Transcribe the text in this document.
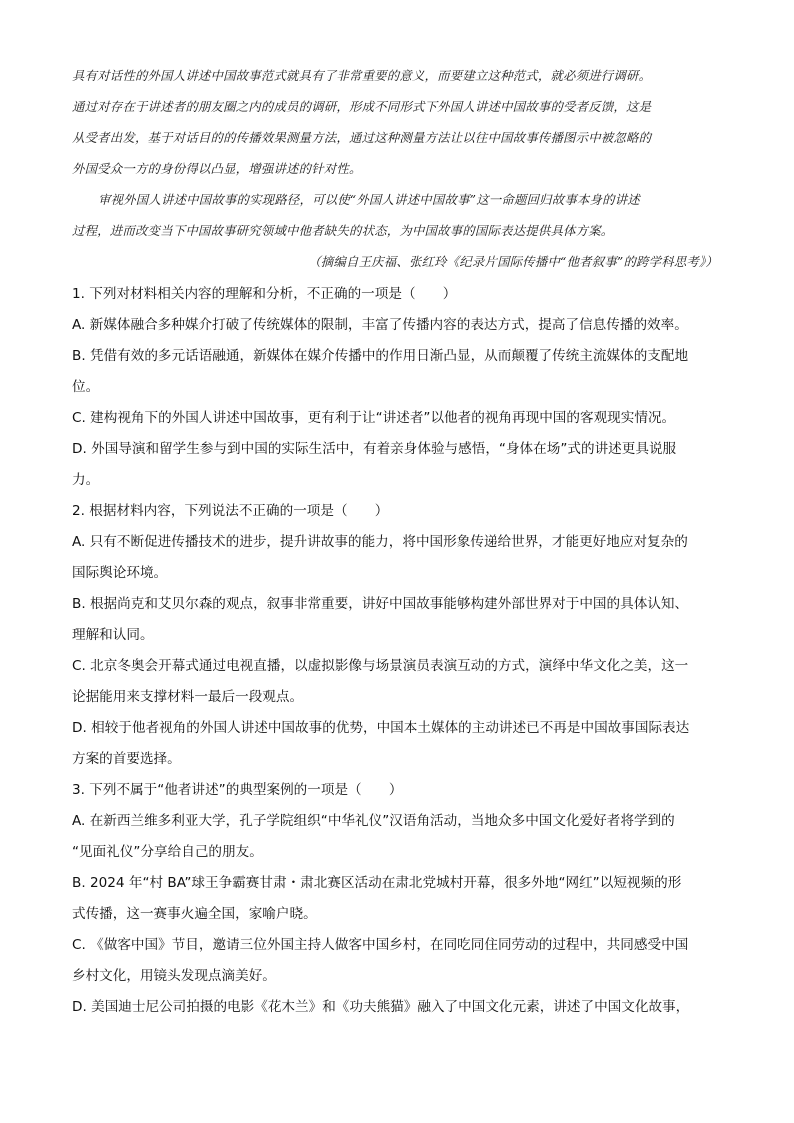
具有对话性的外国人讲述中国故事范式就具有了非常重要的意义，而要建立这种范式，就必须进行调研。
通过对存在于讲述者的朋友圈之内的成员的调研，形成不同形式下外国人讲述中国故事的受者反馈，这是
从受者出发，基于对话目的的传播效果测量方法，通过这种测量方法让以往中国故事传播图示中被忽略的
外国受众一方的身份得以凸显，增强讲述的针对性。
审视外国人讲述中国故事的实现路径，可以使“外国人讲述中国故事”这一命题回归故事本身的讲述
过程，进而改变当下中国故事研究领域中他者缺失的状态，为中国故事的国际表达提供具体方案。
（摘编自王庆福、张红玲《纪录片国际传播中“他者叙事”的跨学科思考》）
1. 下列对材料相关内容的理解和分析，不正确的一项是（　　）
A. 新媒体融合多种媒介打破了传统媒体的限制，丰富了传播内容的表达方式，提高了信息传播的效率。
B. 凭借有效的多元话语融通，新媒体在媒介传播中的作用日渐凸显，从而颠覆了传统主流媒体的支配地
位。
C. 建构视角下的外国人讲述中国故事，更有利于让“讲述者”以他者的视角再现中国的客观现实情况。
D. 外国导演和留学生参与到中国的实际生活中，有着亲身体验与感悟，“身体在场”式的讲述更具说服
力。
2. 根据材料内容，下列说法不正确的一项是（　　）
A. 只有不断促进传播技术的进步，提升讲故事的能力，将中国形象传递给世界，才能更好地应对复杂的
国际舆论环境。
B. 根据尚克和艾贝尔森的观点，叙事非常重要，讲好中国故事能够构建外部世界对于中国的具体认知、
理解和认同。
C. 北京冬奥会开幕式通过电视直播，以虚拟影像与场景演员表演互动的方式，演绎中华文化之美，这一
论据能用来支撑材料一最后一段观点。
D. 相较于他者视角的外国人讲述中国故事的优势，中国本土媒体的主动讲述已不再是中国故事国际表达
方案的首要选择。
3. 下列不属于“他者讲述”的典型案例的一项是（　　）
A. 在新西兰维多利亚大学，孔子学院组织“中华礼仪”汉语角活动，当地众多中国文化爱好者将学到的
“见面礼仪”分享给自己的朋友。
B. 2024 年“村 BA”球王争霸赛甘肃・肃北赛区活动在肃北党城村开幕，很多外地“网红”以短视频的形
式传播，这一赛事火遍全国，家喻户晓。
C. 《做客中国》节目，邀请三位外国主持人做客中国乡村，在同吃同住同劳动的过程中，共同感受中国
乡村文化，用镜头发现点滴美好。
D. 美国迪士尼公司拍摄的电影《花木兰》和《功夫熊猫》融入了中国文化元素，讲述了中国文化故事，
